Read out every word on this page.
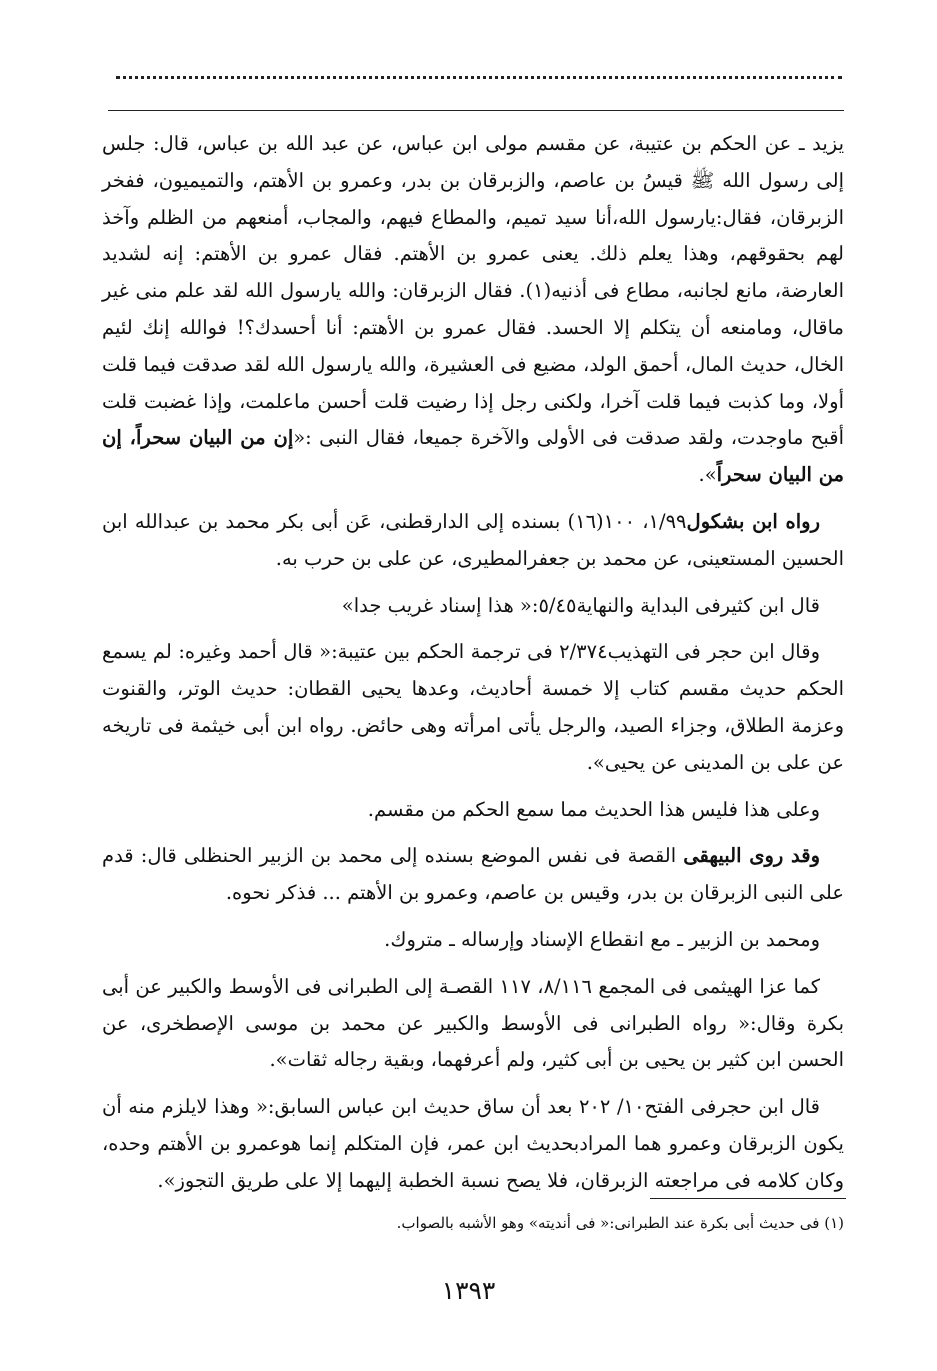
يزيد ـ عن الحكم بن عتيبة، عن مقسم مولى ابن عباس، عن عبد الله بن عباس، قال: جلس إلى رسول الله ﷺ قيسُ بن عاصم، والزبرقان بن بدر، وعمرو بن الأهتم، والتميميون، ففخر الزبرقان، فقال:يارسول الله،أنا سيد تميم، والمطاع فيهم، والمجاب، أمنعهم من الظلم وآخذ لهم بحقوقهم، وهذا يعلم ذلك. يعنى عمرو بن الأهتم. فقال عمرو بن الأهتم: إنه لشديد العارضة، مانع لجانبه، مطاع فى أذنيه(١). فقال الزبرقان: والله يارسول الله لقد علم منى غير ماقال، ومامنعه أن يتكلم إلا الحسد. فقال عمرو بن الأهتم: أنا أحسدك؟! فوالله إنك لئيم الخال، حديث المال، أحمق الولد، مضيع فى العشيرة، والله يارسول الله لقد صدقت فيما قلت أولا، وما كذبت فيما قلت آخرا، ولكنى رجل إذا رضيت قلت أحسن ماعلمت، وإذا غضبت قلت أقبح ماوجدت، ولقد صدقت فى الأولى والآخرة جميعا، فقال النبى :«إن من البيان سحراً، إن من البيان سحراً».

رواه ابن بشكول١/٩٩، ١٠٠(١٦) بسنده إلى الدارقطنى، عَن أبى بكر محمد بن عبدالله ابن الحسين المستعينى، عن محمد بن جعفرالمطيرى، عن على بن حرب به.

قال ابن كثيرفى البداية والنهاية٥/٤٥:« هذا إسناد غريب جدا»

وقال ابن حجر فى التهذيب٢/٣٧٤ فى ترجمة الحكم بين عتيبة:« قال أحمد وغيره: لم يسمع الحكم حديث مقسم كتاب إلا خمسة أحاديث، وعدها يحيى القطان: حديث الوتر، والقنوت وعزمة الطلاق، وجزاء الصيد، والرجل يأتى امرأته وهى حائض. رواه ابن أبى خيثمة فى تاريخه عن على بن المدينى عن يحيى».

وعلى هذا فليس هذا الحديث مما سمع الحكم من مقسم.

وقد روى البيهقى القصة فى نفس الموضع بسنده إلى محمد بن الزبير الحنظلى قال: قدم على النبى الزبرقان بن بدر، وقيس بن عاصم، وعمرو بن الأهتم ... فذكر نحوه.

ومحمد بن الزبير ـ مع انقطاع الإسناد وإرساله ـ متروك.

كما عزا الهيثمى فى المجمع ٨/١١٦، ١١٧ القصـة إلى الطبرانى فى الأوسط والكبير عن أبى بكرة وقال:« رواه الطبرانى فى الأوسط والكبير عن محمد بن موسى الإصطخرى، عن الحسن ابن كثير بن يحيى بن أبى كثير، ولم أعرفهما، وبقية رجاله ثقات».

قال ابن حجرفى الفتح١٠/ ٢٠٢ بعد أن ساق حديث ابن عباس السابق:« وهذا لايلزم منه أن يكون الزبرقان وعمرو هما المرادبحديث ابن عمر، فإن المتكلم إنما هوعمرو بن الأهتم وحده، وكان كلامه فى مراجعته الزبرقان، فلا يصح نسبة الخطبة إليهما إلا على طريق التجوز».

(١) فى حديث أبى بكرة عند الطبرانى:« فى أنديته» وهو الأشبه بالصواب.
١٣٩٣
